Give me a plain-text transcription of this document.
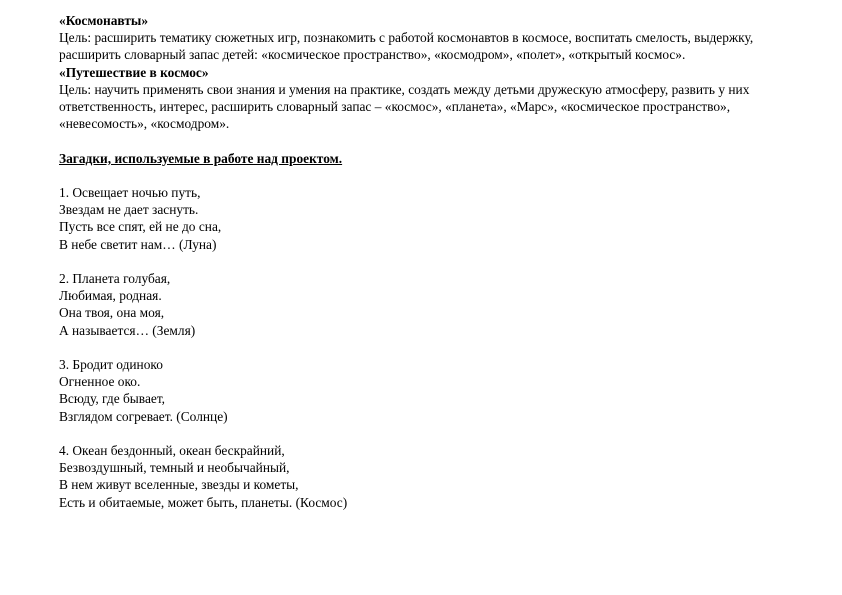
«Космонавты»
Цель: расширить тематику сюжетных игр, познакомить с работой космонавтов в космосе, воспитать смелость, выдержку,
расширить словарный запас детей: «космическое пространство», «космодром», «полет», «открытый космос».
«Путешествие в космос»
Цель: научить применять свои знания и умения на практике, создать между детьми дружескую атмосферу, развить у них
ответственность, интерес, расширить словарный запас – «космос», «планета», «Марс», «космическое пространство»,
«невесомость», «космодром».
Загадки, используемые в работе над проектом.
1. Освещает ночью путь,
Звездам не дает заснуть.
Пусть все спят, ей не до сна,
В небе светит нам… (Луна)
2. Планета голубая,
Любимая, родная.
Она твоя, она моя,
А называется… (Земля)
3. Бродит одиноко
Огненное око.
Всюду, где бывает,
Взглядом согревает. (Солнце)
4. Океан бездонный, океан бескрайний,
Безвоздушный, темный и необычайный,
В нем живут вселенные, звезды и кометы,
Есть и обитаемые, может быть, планеты. (Космос)
